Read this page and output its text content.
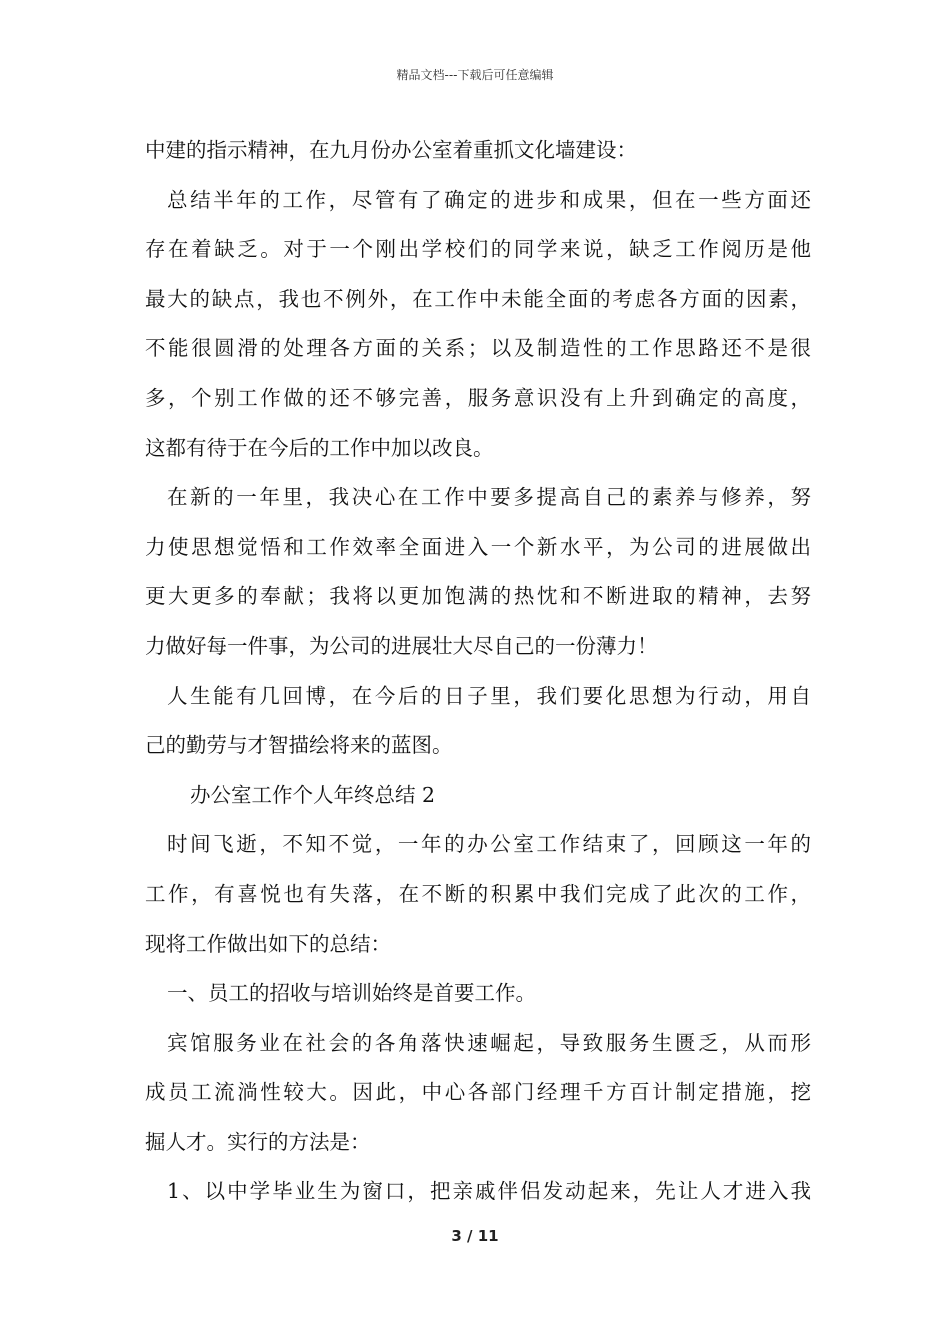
精品文档---下载后可任意编辑
中建的指示精神，在九月份办公室着重抓文化墙建设：
总结半年的工作，尽管有了确定的进步和成果，但在一些方面还
存在着缺乏。对于一个刚出学校们的同学来说，缺乏工作阅历是他
最大的缺点，我也不例外，在工作中未能全面的考虑各方面的因素，
不能很圆滑的处理各方面的关系；以及制造性的工作思路还不是很
多，个别工作做的还不够完善，服务意识没有上升到确定的高度，
这都有待于在今后的工作中加以改良。
在新的一年里，我决心在工作中要多提高自己的素养与修养，努
力使思想觉悟和工作效率全面进入一个新水平，为公司的进展做出
更大更多的奉献；我将以更加饱满的热忱和不断进取的精神，去努
力做好每一件事，为公司的进展壮大尽自己的一份薄力！
人生能有几回博，在今后的日子里，我们要化思想为行动，用自
己的勤劳与才智描绘将来的蓝图。
办公室工作个人年终总结 2
时间飞逝，不知不觉，一年的办公室工作结束了，回顾这一年的
工作，有喜悦也有失落，在不断的积累中我们完成了此次的工作，
现将工作做出如下的总结：
一、员工的招收与培训始终是首要工作。
宾馆服务业在社会的各角落快速崛起，导致服务生匮乏，从而形
成员工流淌性较大。因此，中心各部门经理千方百计制定措施，挖
掘人才。实行的方法是：
1、以中学毕业生为窗口，把亲戚伴侣发动起来，先让人才进入我
3 / 11
